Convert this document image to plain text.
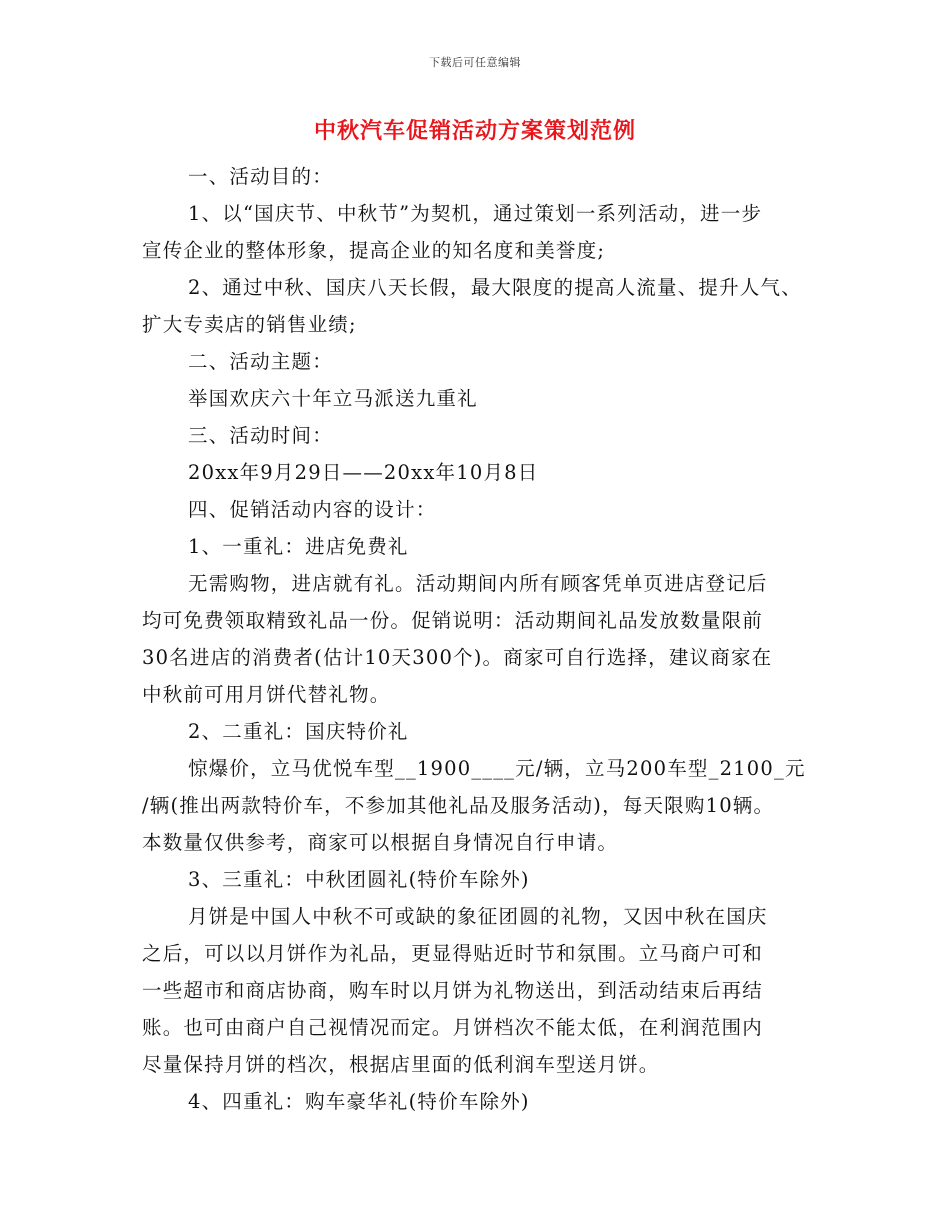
下载后可任意编辑
中秋汽车促销活动方案策划范例
一、活动目的：
1、以“国庆节、中秋节”为契机，通过策划一系列活动，进一步
宣传企业的整体形象，提高企业的知名度和美誉度;
2、通过中秋、国庆八天长假，最大限度的提高人流量、提升人气、
扩大专卖店的销售业绩;
二、活动主题：
举国欢庆六十年立马派送九重礼
三、活动时间：
20xx年9月29日——20xx年10月8日
四、促销活动内容的设计：
1、一重礼：进店免费礼
无需购物，进店就有礼。活动期间内所有顾客凭单页进店登记后
均可免费领取精致礼品一份。促销说明：活动期间礼品发放数量限前
30名进店的消费者(估计10天300个)。商家可自行选择，建议商家在
中秋前可用月饼代替礼物。
2、二重礼：国庆特价礼
惊爆价，立马优悦车型__1900____元/辆，立马200车型_2100_元
/辆(推出两款特价车，不参加其他礼品及服务活动)，每天限购10辆。
本数量仅供参考，商家可以根据自身情况自行申请。
3、三重礼：中秋团圆礼(特价车除外)
月饼是中国人中秋不可或缺的象征团圆的礼物，又因中秋在国庆
之后，可以以月饼作为礼品，更显得贴近时节和氛围。立马商户可和
一些超市和商店协商，购车时以月饼为礼物送出，到活动结束后再结
账。也可由商户自己视情况而定。月饼档次不能太低，在利润范围内
尽量保持月饼的档次，根据店里面的低利润车型送月饼。
4、四重礼：购车豪华礼(特价车除外)
